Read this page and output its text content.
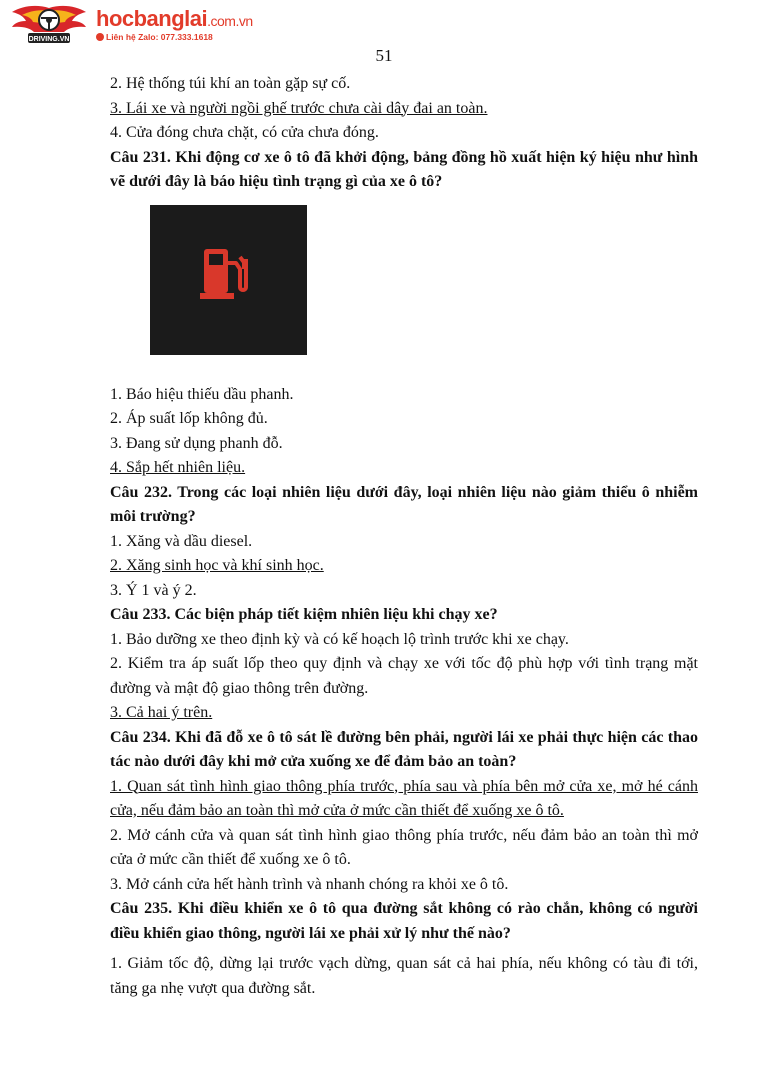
DRIVING.VN
hocbanglai.com.vn
Liên hệ Zalo: 077.333.1618
51

2. Hệ thống túi khí an toàn gặp sự cố.

3. Lái xe và người ngồi ghế trước chưa cài dây đai an toàn.

4. Cửa đóng chưa chặt, có cửa chưa đóng.

Câu 231. Khi động cơ xe ô tô đã khởi động, bảng đồng hồ xuất hiện ký hiệu như hình vẽ dưới đây là báo hiệu tình trạng gì của xe ô tô?

1. Báo hiệu thiếu dầu phanh.

2. Áp suất lốp không đủ.

3. Đang sử dụng phanh đỗ.

4. Sắp hết nhiên liệu.

Câu 232. Trong các loại nhiên liệu dưới đây, loại nhiên liệu nào giảm thiểu ô nhiễm môi trường?

1. Xăng và dầu diesel.

2. Xăng sinh học và khí sinh học.

3. Ý 1 và ý 2.

Câu 233. Các biện pháp tiết kiệm nhiên liệu khi chạy xe?

1. Bảo dưỡng xe theo định kỳ và có kế hoạch lộ trình trước khi xe chạy.

2. Kiểm tra áp suất lốp theo quy định và chạy xe với tốc độ phù hợp với tình trạng mặt đường và mật độ giao thông trên đường.

3. Cả hai ý trên.

Câu 234. Khi đã đỗ xe ô tô sát lề đường bên phải, người lái xe phải thực hiện các thao tác nào dưới đây khi mở cửa xuống xe để đảm bảo an toàn?

1. Quan sát tình hình giao thông phía trước, phía sau và phía bên mở cửa xe, mở hé cánh cửa, nếu đảm bảo an toàn thì mở cửa ở mức cần thiết để xuống xe ô tô.

2. Mở cánh cửa và quan sát tình hình giao thông phía trước, nếu đảm bảo an toàn thì mở cửa ở mức cần thiết để xuống xe ô tô.

3. Mở cánh cửa hết hành trình và nhanh chóng ra khỏi xe ô tô.

Câu 235. Khi điều khiển xe ô tô qua đường sắt không có rào chắn, không có người điều khiển giao thông, người lái xe phải xử lý như thế nào?

1. Giảm tốc độ, dừng lại trước vạch dừng, quan sát cả hai phía, nếu không có tàu đi tới, tăng ga nhẹ vượt qua đường sắt.
